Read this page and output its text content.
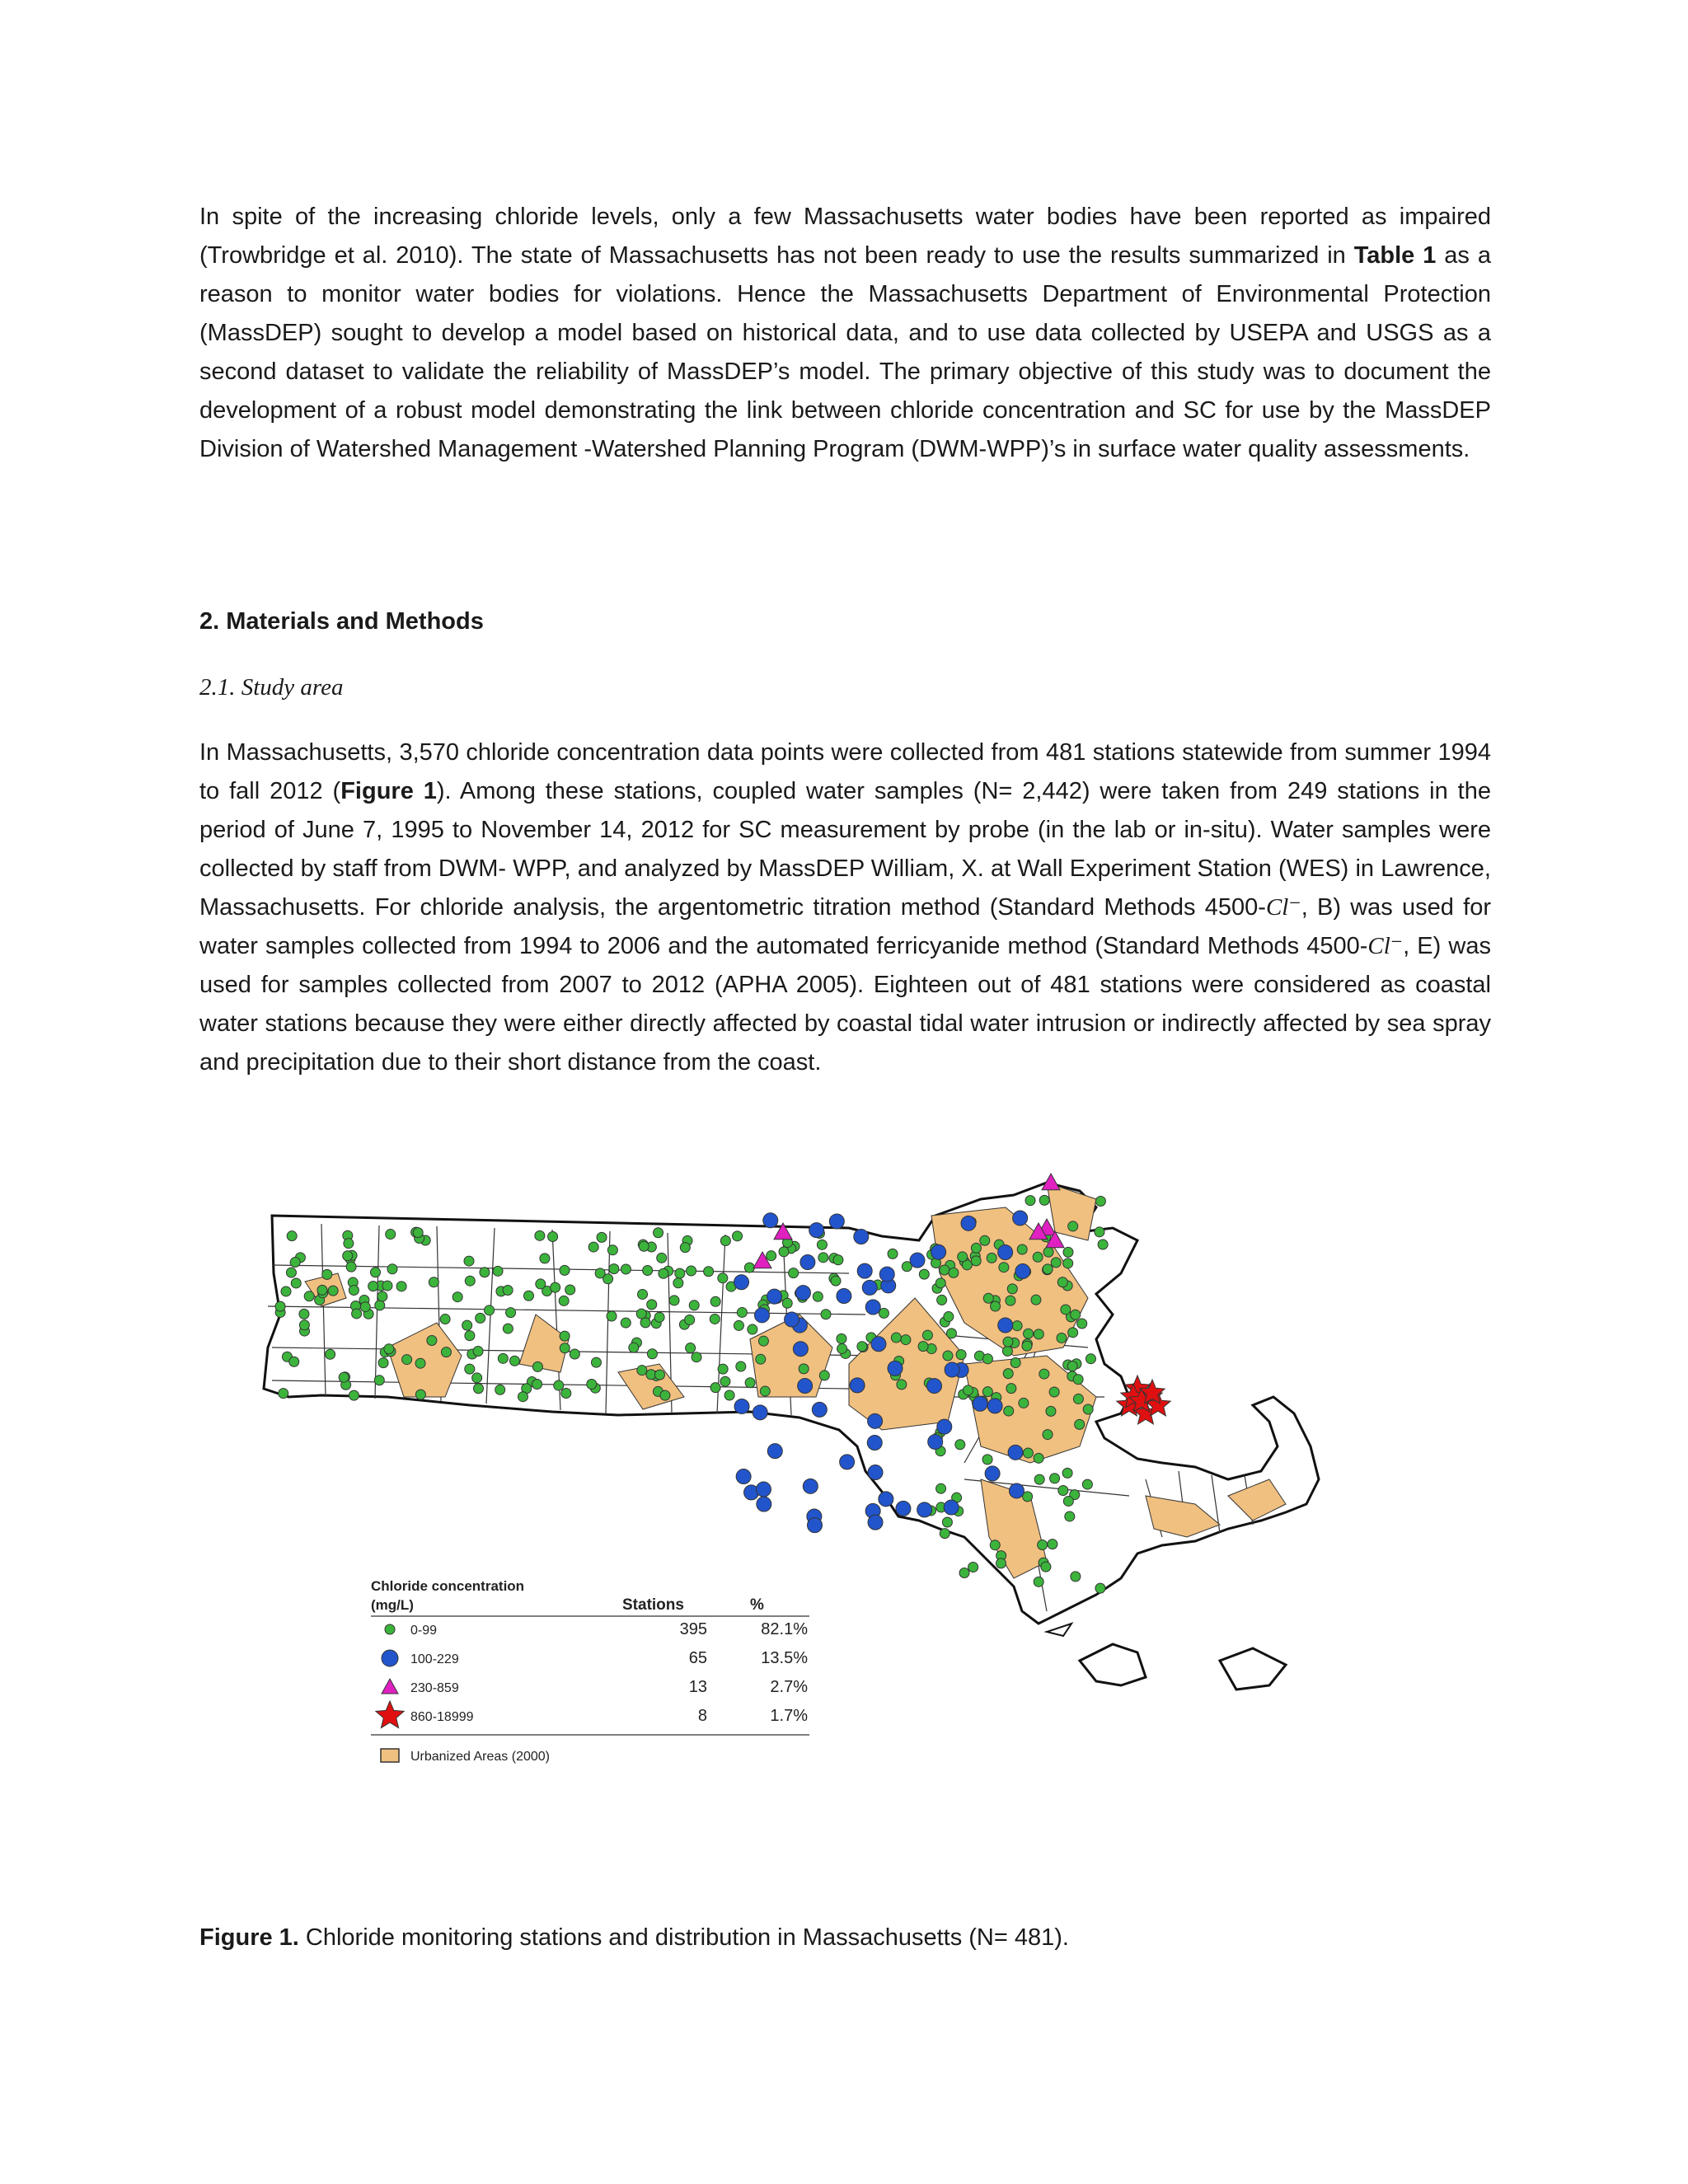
In spite of the increasing chloride levels, only a few Massachusetts water bodies have been reported as impaired (Trowbridge et al. 2010). The state of Massachusetts has not been ready to use the results summarized in Table 1 as a reason to monitor water bodies for violations. Hence the Massachusetts Department of Environmental Protection (MassDEP) sought to develop a model based on historical data, and to use data collected by USEPA and USGS as a second dataset to validate the reliability of MassDEP’s model. The primary objective of this study was to document the development of a robust model demonstrating the link between chloride concentration and SC for use by the MassDEP Division of Watershed Management -Watershed Planning Program (DWM-WPP)’s in surface water quality assessments.
2. Materials and Methods
2.1. Study area
In Massachusetts, 3,570 chloride concentration data points were collected from 481 stations statewide from summer 1994 to fall 2012 (Figure 1). Among these stations, coupled water samples (N= 2,442) were taken from 249 stations in the period of June 7, 1995 to November 14, 2012 for SC measurement by probe (in the lab or in-situ). Water samples were collected by staff from DWM- WPP, and analyzed by MassDEP William, X. at Wall Experiment Station (WES) in Lawrence, Massachusetts. For chloride analysis, the argentometric titration method (Standard Methods 4500-Cl⁻, B) was used for water samples collected from 1994 to 2006 and the automated ferricyanide method (Standard Methods 4500-Cl⁻, E) was used for samples collected from 2007 to 2012 (APHA 2005). Eighteen out of 481 stations were considered as coastal water stations because they were either directly affected by coastal tidal water intrusion or indirectly affected by sea spray and precipitation due to their short distance from the coast.
Chloride concentration
(mg/L)	Stations	%
0-99	395	82.1%
100-229	65	13.5%
230-859	13	2.7%
860-18999	8	1.7%
Urbanized Areas (2000)
Figure 1. Chloride monitoring stations and distribution in Massachusetts (N= 481).
